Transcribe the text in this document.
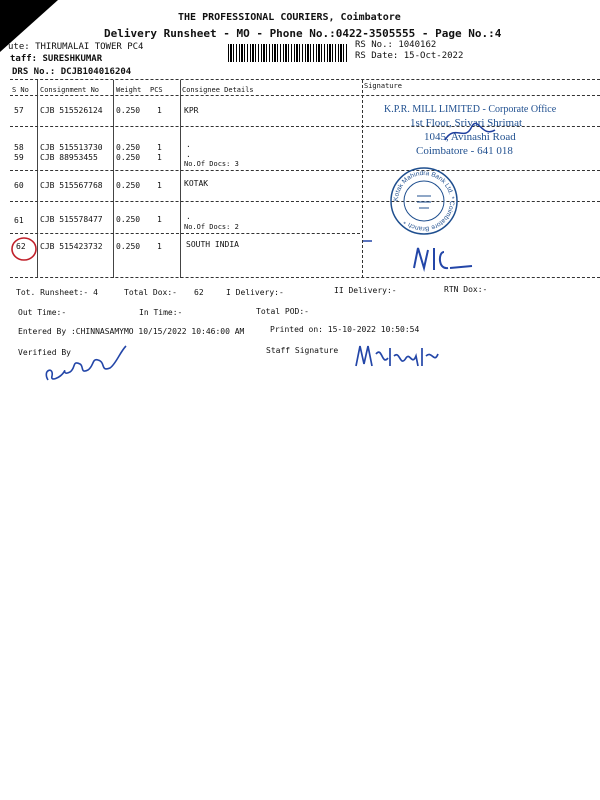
THE PROFESSIONAL COURIERS, Coimbatore
Delivery Runsheet - MO - Phone No.:0422-3505555 - Page No.:4
ute: THIRUMALAI TOWER PC4
taff: SURESHKUMAR
DRS No.: DCJB104016204
RS No.: 1040162
RS Date: 15-Oct-2022
S No Consignment No Weight PCS	Consignee Details	Signature
57 CJB 515526124 0.250 1	KPR
58 CJB 515513730 0.250 1	.
59 CJB 88953455 0.250 1	.
No.Of Docs: 3
60 CJB 515567768 0.250 1	KOTAK
61 CJB 515578477 0.250 1	.
No.Of Docs: 2
62 CJB 515423732 0.250 1	SOUTH INDIA
K.P.R. MILL LIMITED - Corporate Office
1st Floor, Srivari Shrimat
1045, Avinashi Road
Coimbatore - 641 018
Kotak Mahindra Bank Ltd. * Coimbatore Branch *
Tot. Runsheet:- 4	Total Dox:- 62	I Delivery:-	II Delivery:-	RTN Dox:-
Out Time:-	In Time:-	Total POD:-
Entered By :CHINNASAMYMO 10/15/2022 10:46:00 AM	Printed on: 15-10-2022 10:50:54
Verified By	Staff Signature
